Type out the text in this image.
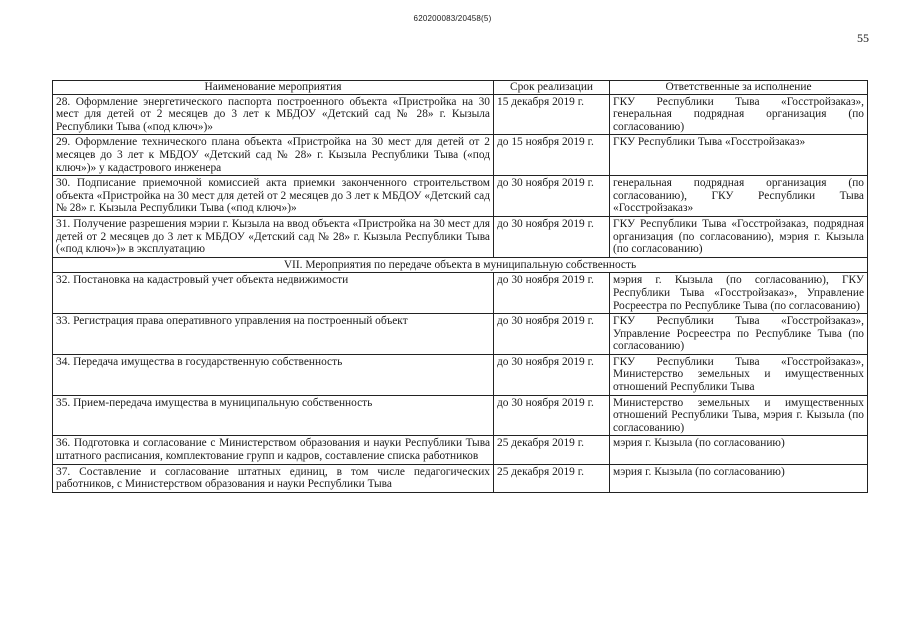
620200083/20458(5)
55
Наименование мероприятия	Срок реализации	Ответственные за исполнение
28. Оформление энергетического паспорта построенного объекта «Пристройка на 30 мест для детей от 2 месяцев до 3 лет к МБДОУ «Детский сад № 28» г. Кызыла Республики Тыва («под ключ»)»	15 декабря 2019 г.	ГКУ Республики Тыва «Госстройзаказ», генеральная подрядная организация (по согласованию)
29. Оформление технического плана объекта «Пристройка на 30 мест для детей от 2 месяцев до 3 лет к МБДОУ «Детский сад № 28» г. Кызыла Республики Тыва («под ключ»)» у кадастрового инженера	до 15 ноября 2019 г.	ГКУ Республики Тыва «Госстройзаказ»
30. Подписание приемочной комиссией акта приемки законченного строительством объекта «Пристройка на 30 мест для детей от 2 месяцев до 3 лет к МБДОУ «Детский сад № 28» г. Кызыла Республики Тыва («под ключ»)»	до 30 ноября 2019 г.	генеральная подрядная организация (по согласованию), ГКУ Республики Тыва «Госстройзаказ»
31. Получение разрешения мэрии г. Кызыла на ввод объекта «Пристройка на 30 мест для детей от 2 месяцев до 3 лет к МБДОУ «Детский сад № 28» г. Кызыла Республики Тыва («под ключ»)» в эксплуатацию	до 30 ноября 2019 г.	ГКУ Республики Тыва «Госстройзаказ, подрядная организация (по согласованию), мэрия г. Кызыла (по согласованию)
VII. Мероприятия по передаче объекта в муниципальную собственность		
32. Постановка на кадастровый учет объекта недвижимости	до 30 ноября 2019 г.	мэрия г. Кызыла (по согласованию), ГКУ Республики Тыва «Госстройзаказ», Управление Росреестра по Республике Тыва (по согласованию)
33. Регистрация права оперативного управления на построенный объект	до 30 ноября 2019 г.	ГКУ Республики Тыва «Госстройзаказ», Управление Росреестра по Республике Тыва (по согласованию)
34. Передача имущества в государственную собственность	до 30 ноября 2019 г.	ГКУ Республики Тыва «Госстройзаказ», Министерство земельных и имущественных отношений Республики Тыва
35. Прием-передача имущества в муниципальную собственность	до 30 ноября 2019 г.	Министерство земельных и имущественных отношений Республики Тыва, мэрия г. Кызыла (по согласованию)
36. Подготовка и согласование с Министерством образования и науки Республики Тыва штатного расписания, комплектование групп и кадров, составление списка работников	25 декабря 2019 г.	мэрия г. Кызыла (по согласованию)
37. Составление и согласование штатных единиц, в том числе педагогических работников, с Министерством образования и науки Республики Тыва	25 декабря 2019 г.	мэрия г. Кызыла (по согласованию)
